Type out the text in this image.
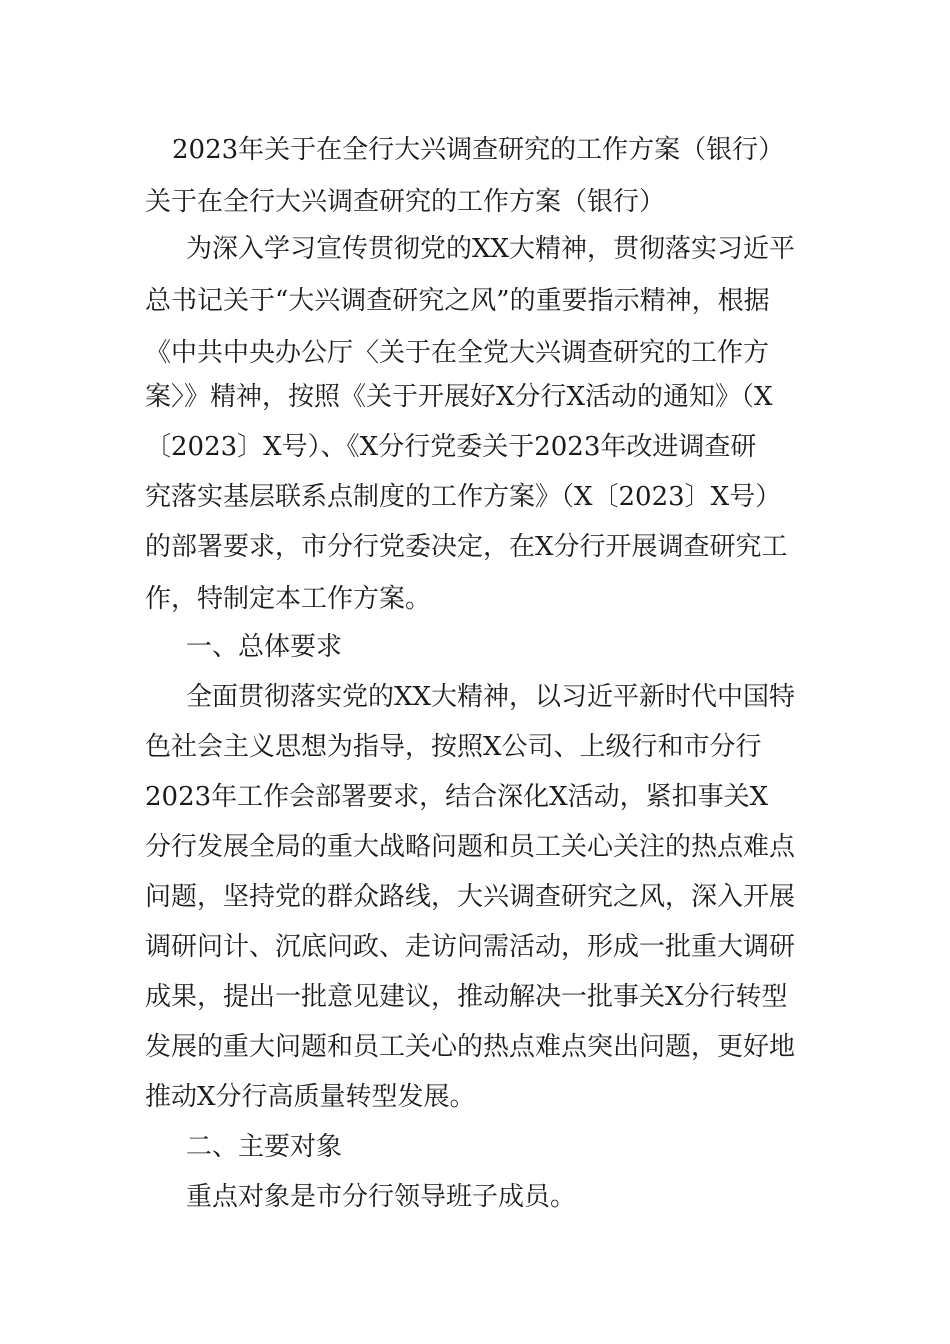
2023年关于在全行大兴调查研究的工作方案（银行）
关于在全行大兴调查研究的工作方案（银行）

为深入学习宣传贯彻党的XX大精神，贯彻落实习近平

总书记关于“大兴调查研究之风”的重要指示精神，根据

《中共中央办公厅〈关于在全党大兴调查研究的工作方

案〉》精神，按照《关于开展好X分行X活动的通知》（X

〔2023〕X号）、《X分行党委关于2023年改进调查研

究落实基层联系点制度的工作方案》（X〔2023〕X号）

的部署要求，市分行党委决定，在X分行开展调查研究工

作，特制定本工作方案。

一、总体要求

全面贯彻落实党的XX大精神，以习近平新时代中国特

色社会主义思想为指导，按照X公司、上级行和市分行

2023年工作会部署要求，结合深化X活动，紧扣事关X

分行发展全局的重大战略问题和员工关心关注的热点难点

问题，坚持党的群众路线，大兴调查研究之风，深入开展

调研问计、沉底问政、走访问需活动，形成一批重大调研

成果，提出一批意见建议，推动解决一批事关X分行转型

发展的重大问题和员工关心的热点难点突出问题，更好地

推动X分行高质量转型发展。

二、主要对象

重点对象是市分行领导班子成员。
